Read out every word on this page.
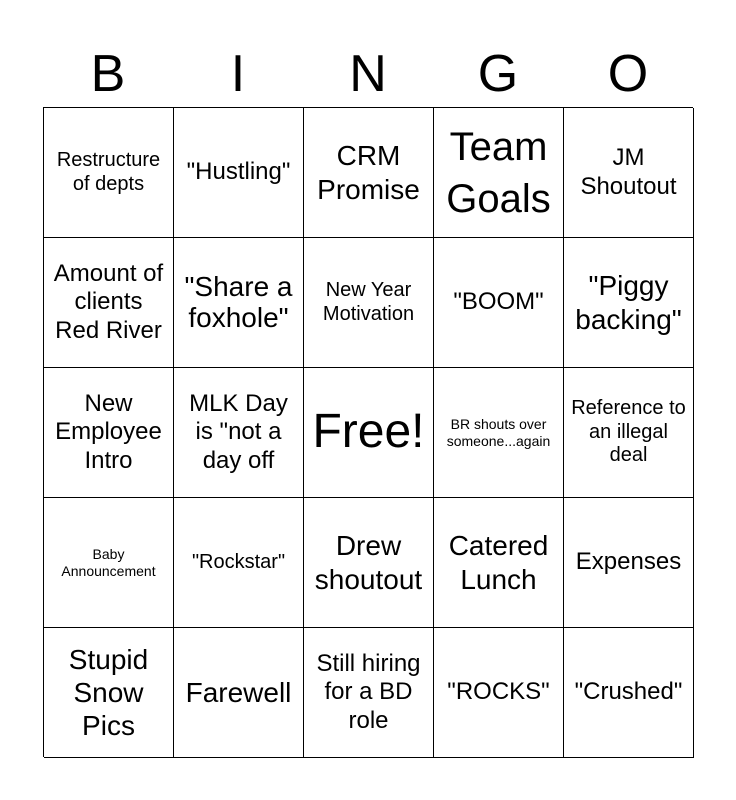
B	I	N	G	O
Restructure of depts	"Hustling"
CRM Promise
Team Goals
JM Shoutout
Amount of clients Red River
"Share a foxhole"
New Year Motivation	"BOOM"
"Piggy backing"
New Employee Intro
MLK Day is "not a day off
Free!	BR shouts over someone...again
Reference to an illegal deal
Baby Announcement	"Rockstar"
Drew shoutout
Catered Lunch
Expenses
Stupid Snow Pics
Farewell
Still hiring for a BD role
"ROCKS"	"Crushed"
